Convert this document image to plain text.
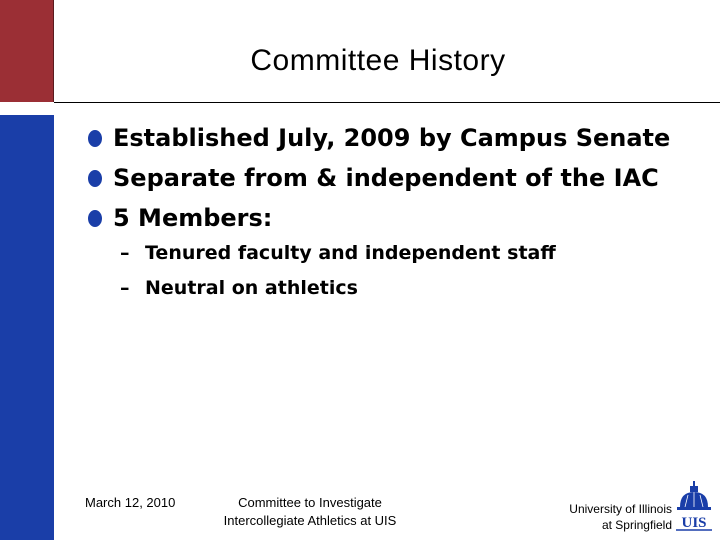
Committee History
Established July, 2009 by Campus Senate
Separate from & independent of the IAC
5 Members:
– Tenured faculty and independent staff
– Neutral on athletics
March 12, 2010	Committee to Investigate
Intercollegiate Athletics at UIS
University of Illinois
at Springfield UIS
